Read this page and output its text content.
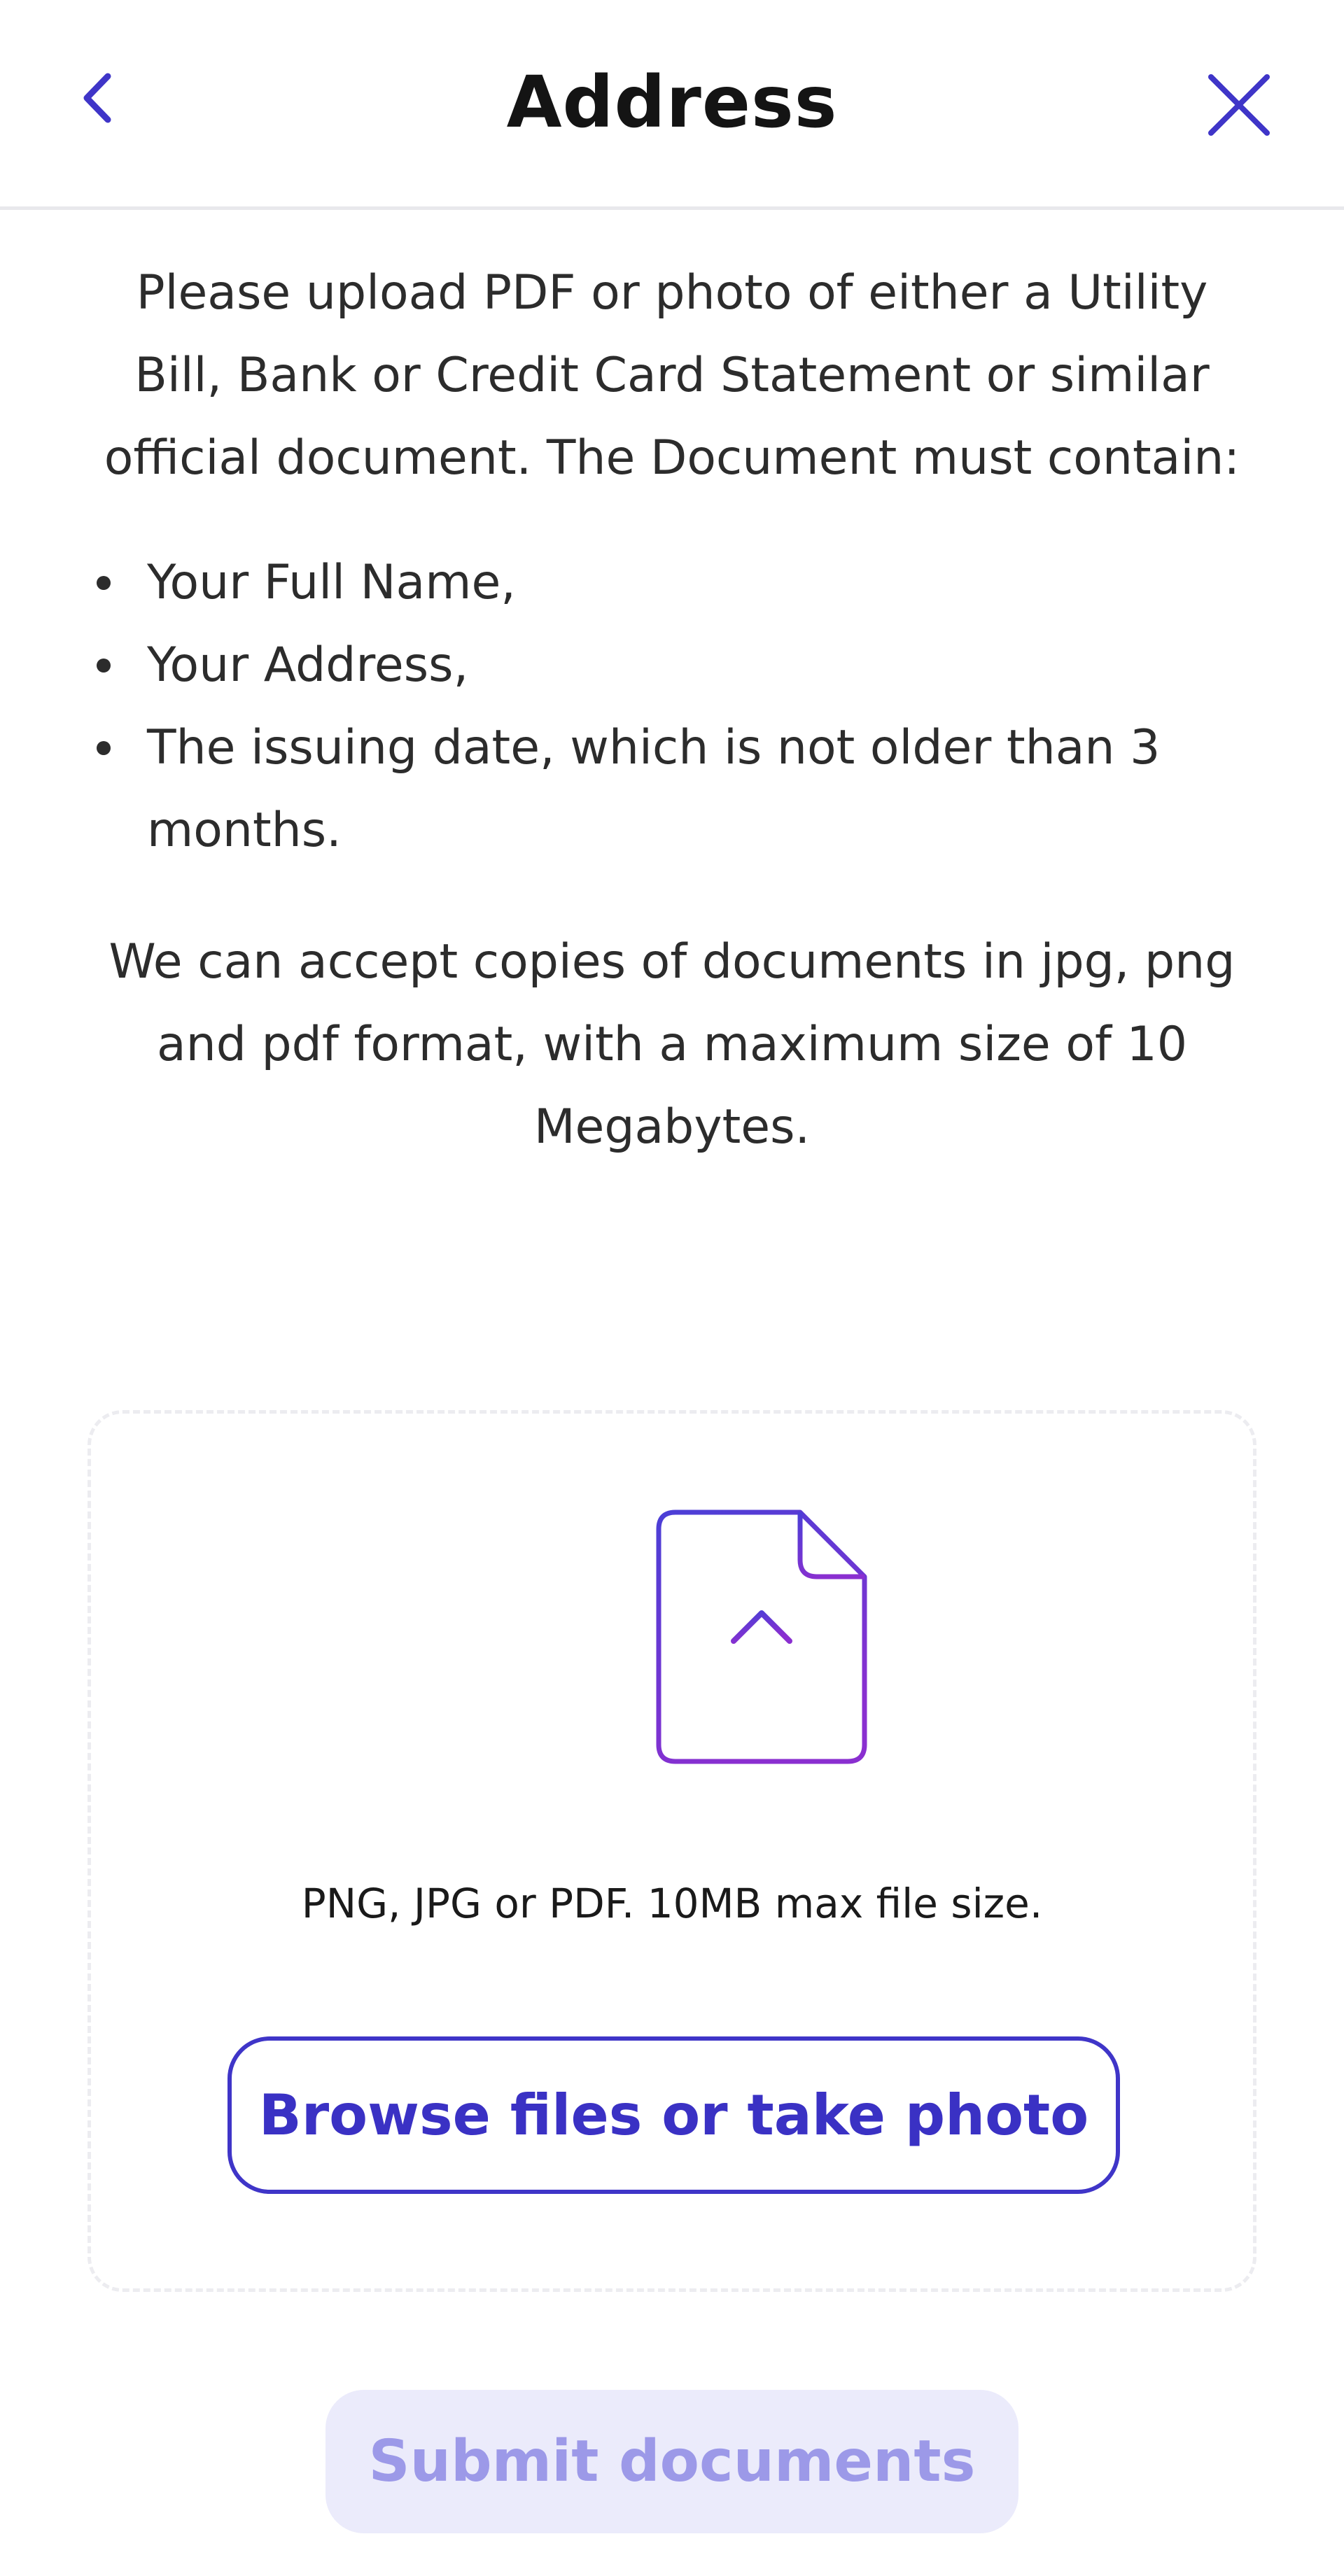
Address

Please upload PDF or photo of either a Utility Bill, Bank or Credit Card Statement or similar official document. The Document must contain:

Your Full Name,
Your Address,
The issuing date, which is not older than 3 months.

We can accept copies of documents in jpg, png and pdf format, with a maximum size of 10 Megabytes.

PNG, JPG or PDF. 10MB max file size.
Browse files or take photo
Submit documents
